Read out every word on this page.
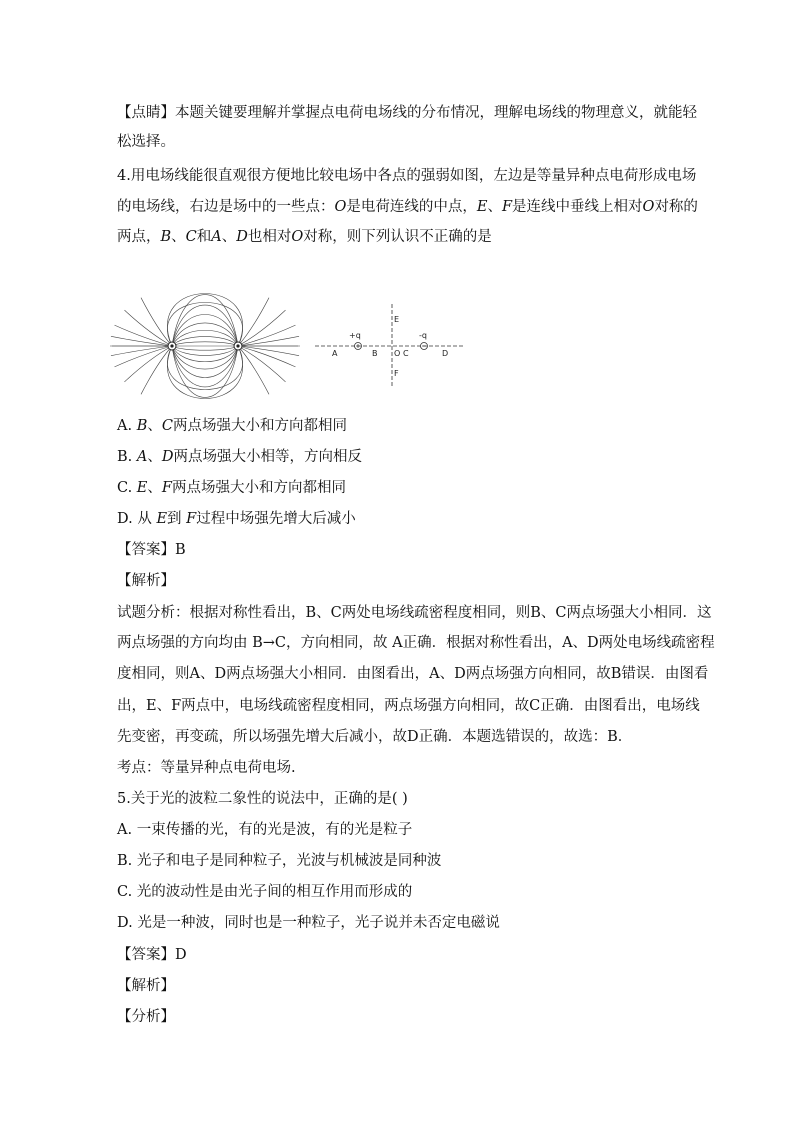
【点睛】本题关键要理解并掌握点电荷电场线的分布情况，理解电场线的物理意义，就能轻
松选择。
4.用电场线能很直观很方便地比较电场中各点的强弱如图，左边是等量异种点电荷形成电场
的电场线，右边是场中的一些点：O是电荷连线的中点，E、F是连线中垂线上相对O对称的
两点，B、C和A、D也相对O对称，则下列认识不正确的是
+q	-q
A	B O C	D
E
F
A. B、C两点场强大小和方向都相同
B. A、D两点场强大小相等，方向相反
C. E、F两点场强大小和方向都相同
D. 从 E到 F过程中场强先增大后减小
【答案】B
【解析】
试题分析：根据对称性看出，B、C两处电场线疏密程度相同，则B、C两点场强大小相同．这
两点场强的方向均由 B→C，方向相同，故 A正确．根据对称性看出，A、D两处电场线疏密程
度相同，则A、D两点场强大小相同．由图看出，A、D两点场强方向相同，故B错误．由图看
出，E、F两点中，电场线疏密程度相同，两点场强方向相同，故C正确．由图看出，电场线
先变密，再变疏，所以场强先增大后减小，故D正确．本题选错误的，故选：B．
考点：等量异种点电荷电场.
5.关于光的波粒二象性的说法中，正确的是( )
A. 一束传播的光，有的光是波，有的光是粒子
B. 光子和电子是同种粒子，光波与机械波是同种波
C. 光的波动性是由光子间的相互作用而形成的
D. 光是一种波，同时也是一种粒子，光子说并未否定电磁说
【答案】D
【解析】
【分析】
